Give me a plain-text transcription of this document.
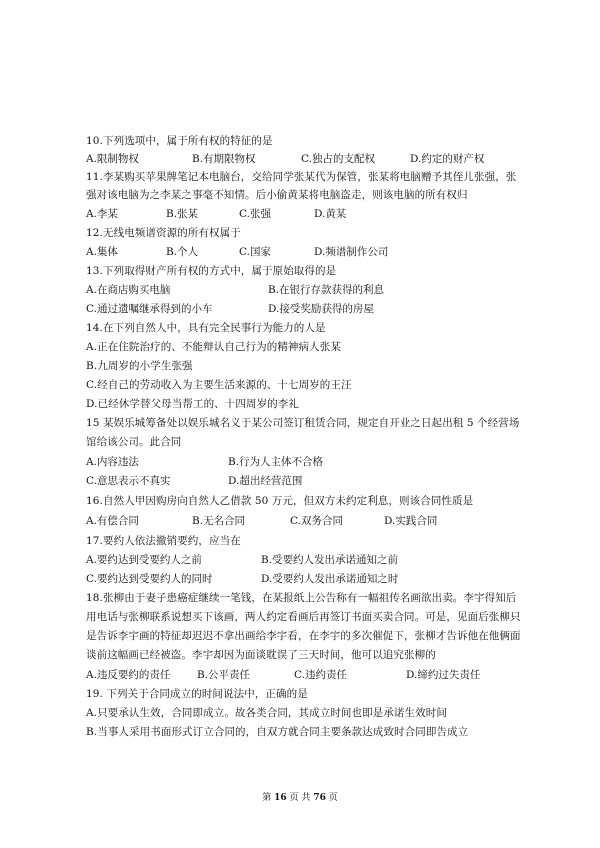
10.下列选项中，属于所有权的特征的是
A.限制物权	B.有期限物权	C.独占的支配权	D.约定的财产权
11.李某购买苹果牌笔记本电脑台，交给同学张某代为保管，张某将电脑赠予其侄儿张强，张
强对该电脑为之李某之事毫不知情。后小偷黄某将电脑盗走，则该电脑的所有权归
A.李某	B.张某	C.张强	D.黄某
12.无线电频谱资源的所有权属于
A.集体	B.个人	C.国家	D.频谱制作公司
13.下列取得财产所有权的方式中，属于原始取得的是
A.在商店购买电脑	B.在银行存款获得的利息
C.通过遗嘱继承得到的小车	D.接受奖励获得的房屋
14.在下列自然人中，具有完全民事行为能力的人是
A.正在住院治疗的、不能辩认自己行为的精神病人张某
B.九周岁的小学生张强
C.经自己的劳动收入为主要生活来源的、十七周岁的王汪
D.已经休学替父母当帮工的、十四周岁的李礼
15 某娱乐城筹备处以娱乐城名义于某公司签订租赁合同，规定自开业之日起出租 5 个经营场
馆给该公司。此合同
A.内容违法	B.行为人主体不合格
C.意思表示不真实	D.超出经营范围
16.自然人甲因购房向自然人乙借款 50 万元，但双方未约定利息，则该合同性质是
A.有偿合同	B.无名合同	C.双务合同	D.实践合同
17.要约人依法撤销要约，应当在
A.要约达到受要约人之前	B.受要约人发出承诺通知之前
C.要约达到受要约人的同时	D.受要约人发出承诺通知之时
18.张柳由于妻子患癌症继续一笔钱，在某报纸上公告称有一幅祖传名画欲出卖。李宇得知后
用电话与张柳联系说想买下该画，两人约定看画后再签订书面买卖合同。可是，见面后张柳只
是告诉李宇画的特征却迟迟不拿出画给李宇看，在李宇的多次催促下，张柳才告诉他在他俩面
谈前这幅画已经被盗。李宇却因为面谈耽误了三天时间，他可以追究张柳的
A.违反要约的责任	B.公平责任	C.违约责任	D.缔约过失责任
19. 下列关于合同成立的时间说法中，正确的是
A.只要承认生效，合同即成立。故各类合同，其成立时间也即是承诺生效时间
B.当事人采用书面形式订立合同的，自双方就合同主要条款达成致时合同即告成立
第 16 页 共 76 页
